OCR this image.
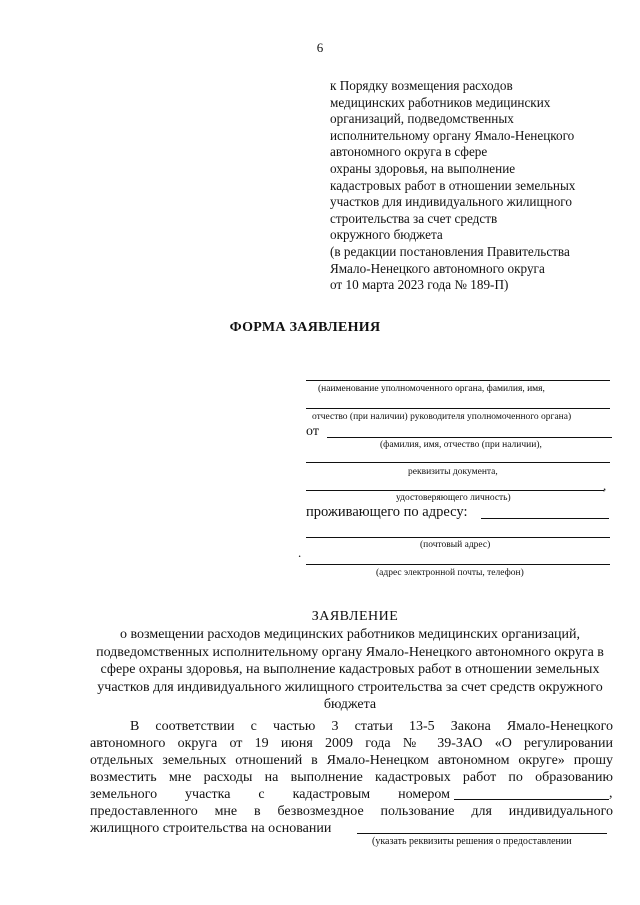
6
к Порядку возмещения расходов
медицинских работников медицинских
организаций, подведомственных
исполнительному органу Ямало-Ненецкого
автономного округа в сфере
охраны здоровья, на выполнение
кадастровых работ в отношении земельных
участков для индивидуального жилищного
строительства за счет средств
окружного бюджета
(в редакции постановления Правительства
Ямало-Ненецкого автономного округа
от 10 марта 2023 года № 189-П)
ФОРМА ЗАЯВЛЕНИЯ
(наименование уполномоченного органа, фамилия, имя,
отчество (при наличии) руководителя уполномоченного органа)
от
(фамилия, имя, отчество (при наличии),
реквизиты документа,
,
удостоверяющего личность)
проживающего по адресу:
(почтовый адрес)
.
(адрес электронной почты, телефон)
ЗАЯВЛЕНИЕ
о возмещении расходов медицинских работников медицинских организаций, подведомственных исполнительному органу Ямало-Ненецкого автономного округа в сфере охраны здоровья, на выполнение кадастровых работ в отношении земельных участков для индивидуального жилищного строительства за счет средств окружного бюджета
В соответствии с частью 3 статьи 13-5 Закона Ямало-Ненецкого
автономного округа от 19 июня 2009 года № 39-ЗАО «О регулировании
отдельных земельных отношений в Ямало-Ненецком автономном округе» прошу
возместить мне расходы на выполнение кадастровых работ по образованию
земельного участка с кадастровым номером	,
предоставленного мне в безвозмездное пользование для индивидуального
жилищного строительства на основании
(указать реквизиты решения о предоставлении
